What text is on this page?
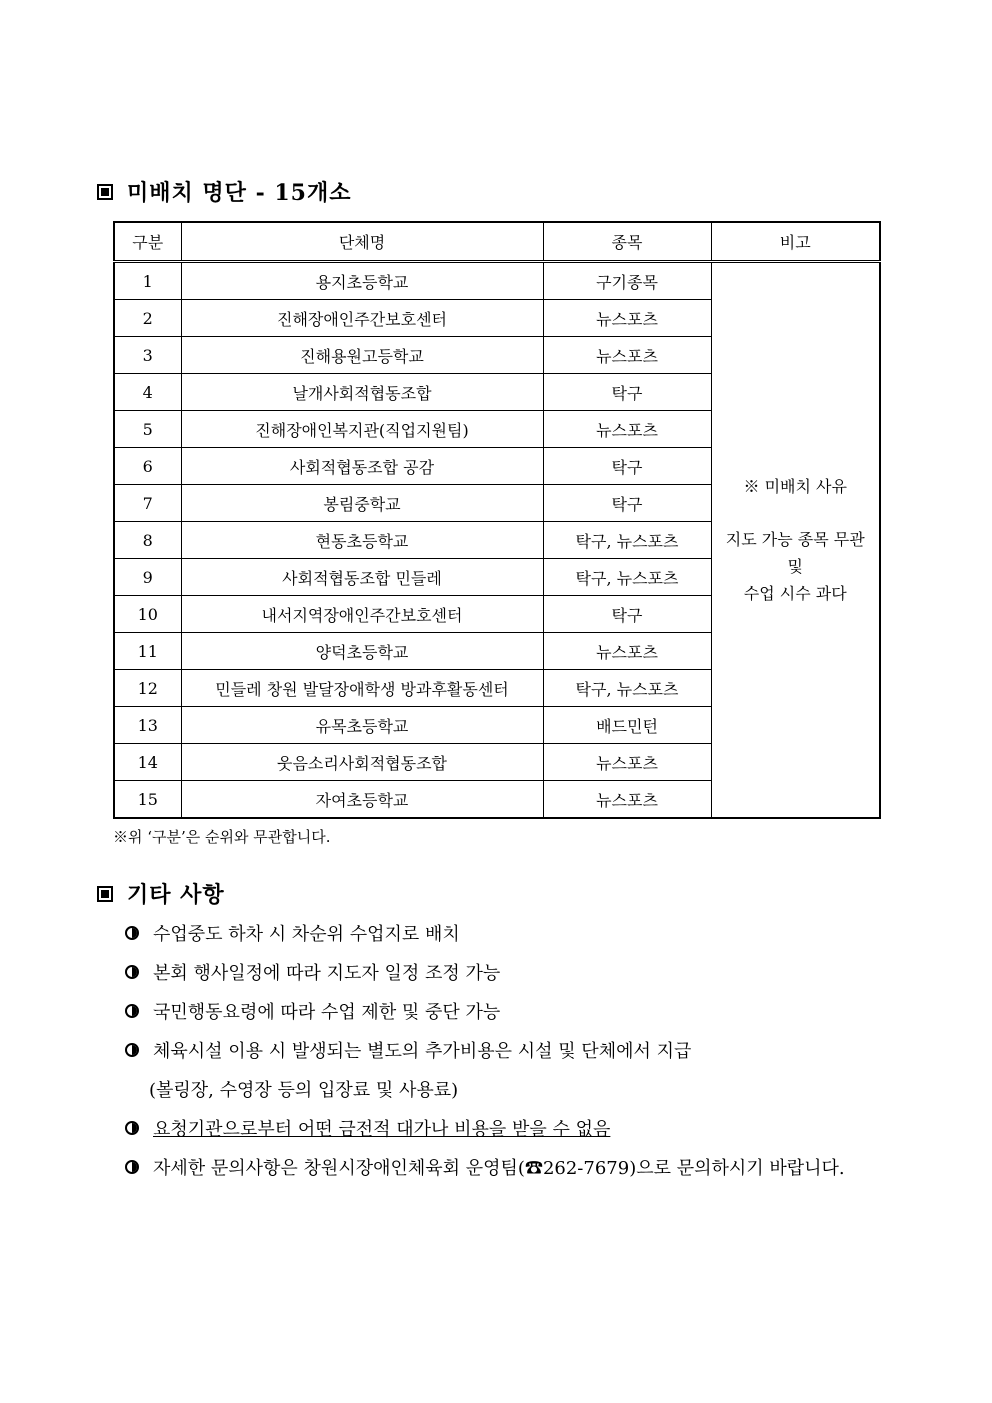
미배치 명단 - 15개소
구분	단체명	종목	비고
1	용지초등학교	구기종목	※ 미배치 사유
지도 가능 종목 무관
및
수업 시수 과다

2	진해장애인주간보호센터	뉴스포츠	
3	진해용원고등학교	뉴스포츠	
4	날개사회적협동조합	탁구	
5	진해장애인복지관(직업지원팀)	뉴스포츠	
6	사회적협동조합 공감	탁구	
7	봉림중학교	탁구	
8	현동초등학교	탁구, 뉴스포츠	
9	사회적협동조합 민들레	탁구, 뉴스포츠	
10	내서지역장애인주간보호센터	탁구	
11	양덕초등학교	뉴스포츠	
12	민들레 창원 발달장애학생 방과후활동센터	탁구, 뉴스포츠	
13	유목초등학교	배드민턴	
14	웃음소리사회적협동조합	뉴스포츠	
15	자여초등학교	뉴스포츠	
※위 ‘구분’은 순위와 무관합니다.
기타 사항
수업중도 하차 시 차순위 수업지로 배치
본회 행사일정에 따라 지도자 일정 조정 가능
국민행동요령에 따라 수업 제한 및 중단 가능
체육시설 이용 시 발생되는 별도의 추가비용은 시설 및 단체에서 지급
(볼링장, 수영장 등의 입장료 및 사용료)
요청기관으로부터 어떤 금전적 대가나 비용을 받을 수 없음
자세한 문의사항은 창원시장애인체육회 운영팀(☎262-7679)으로 문의하시기 바랍니다.
